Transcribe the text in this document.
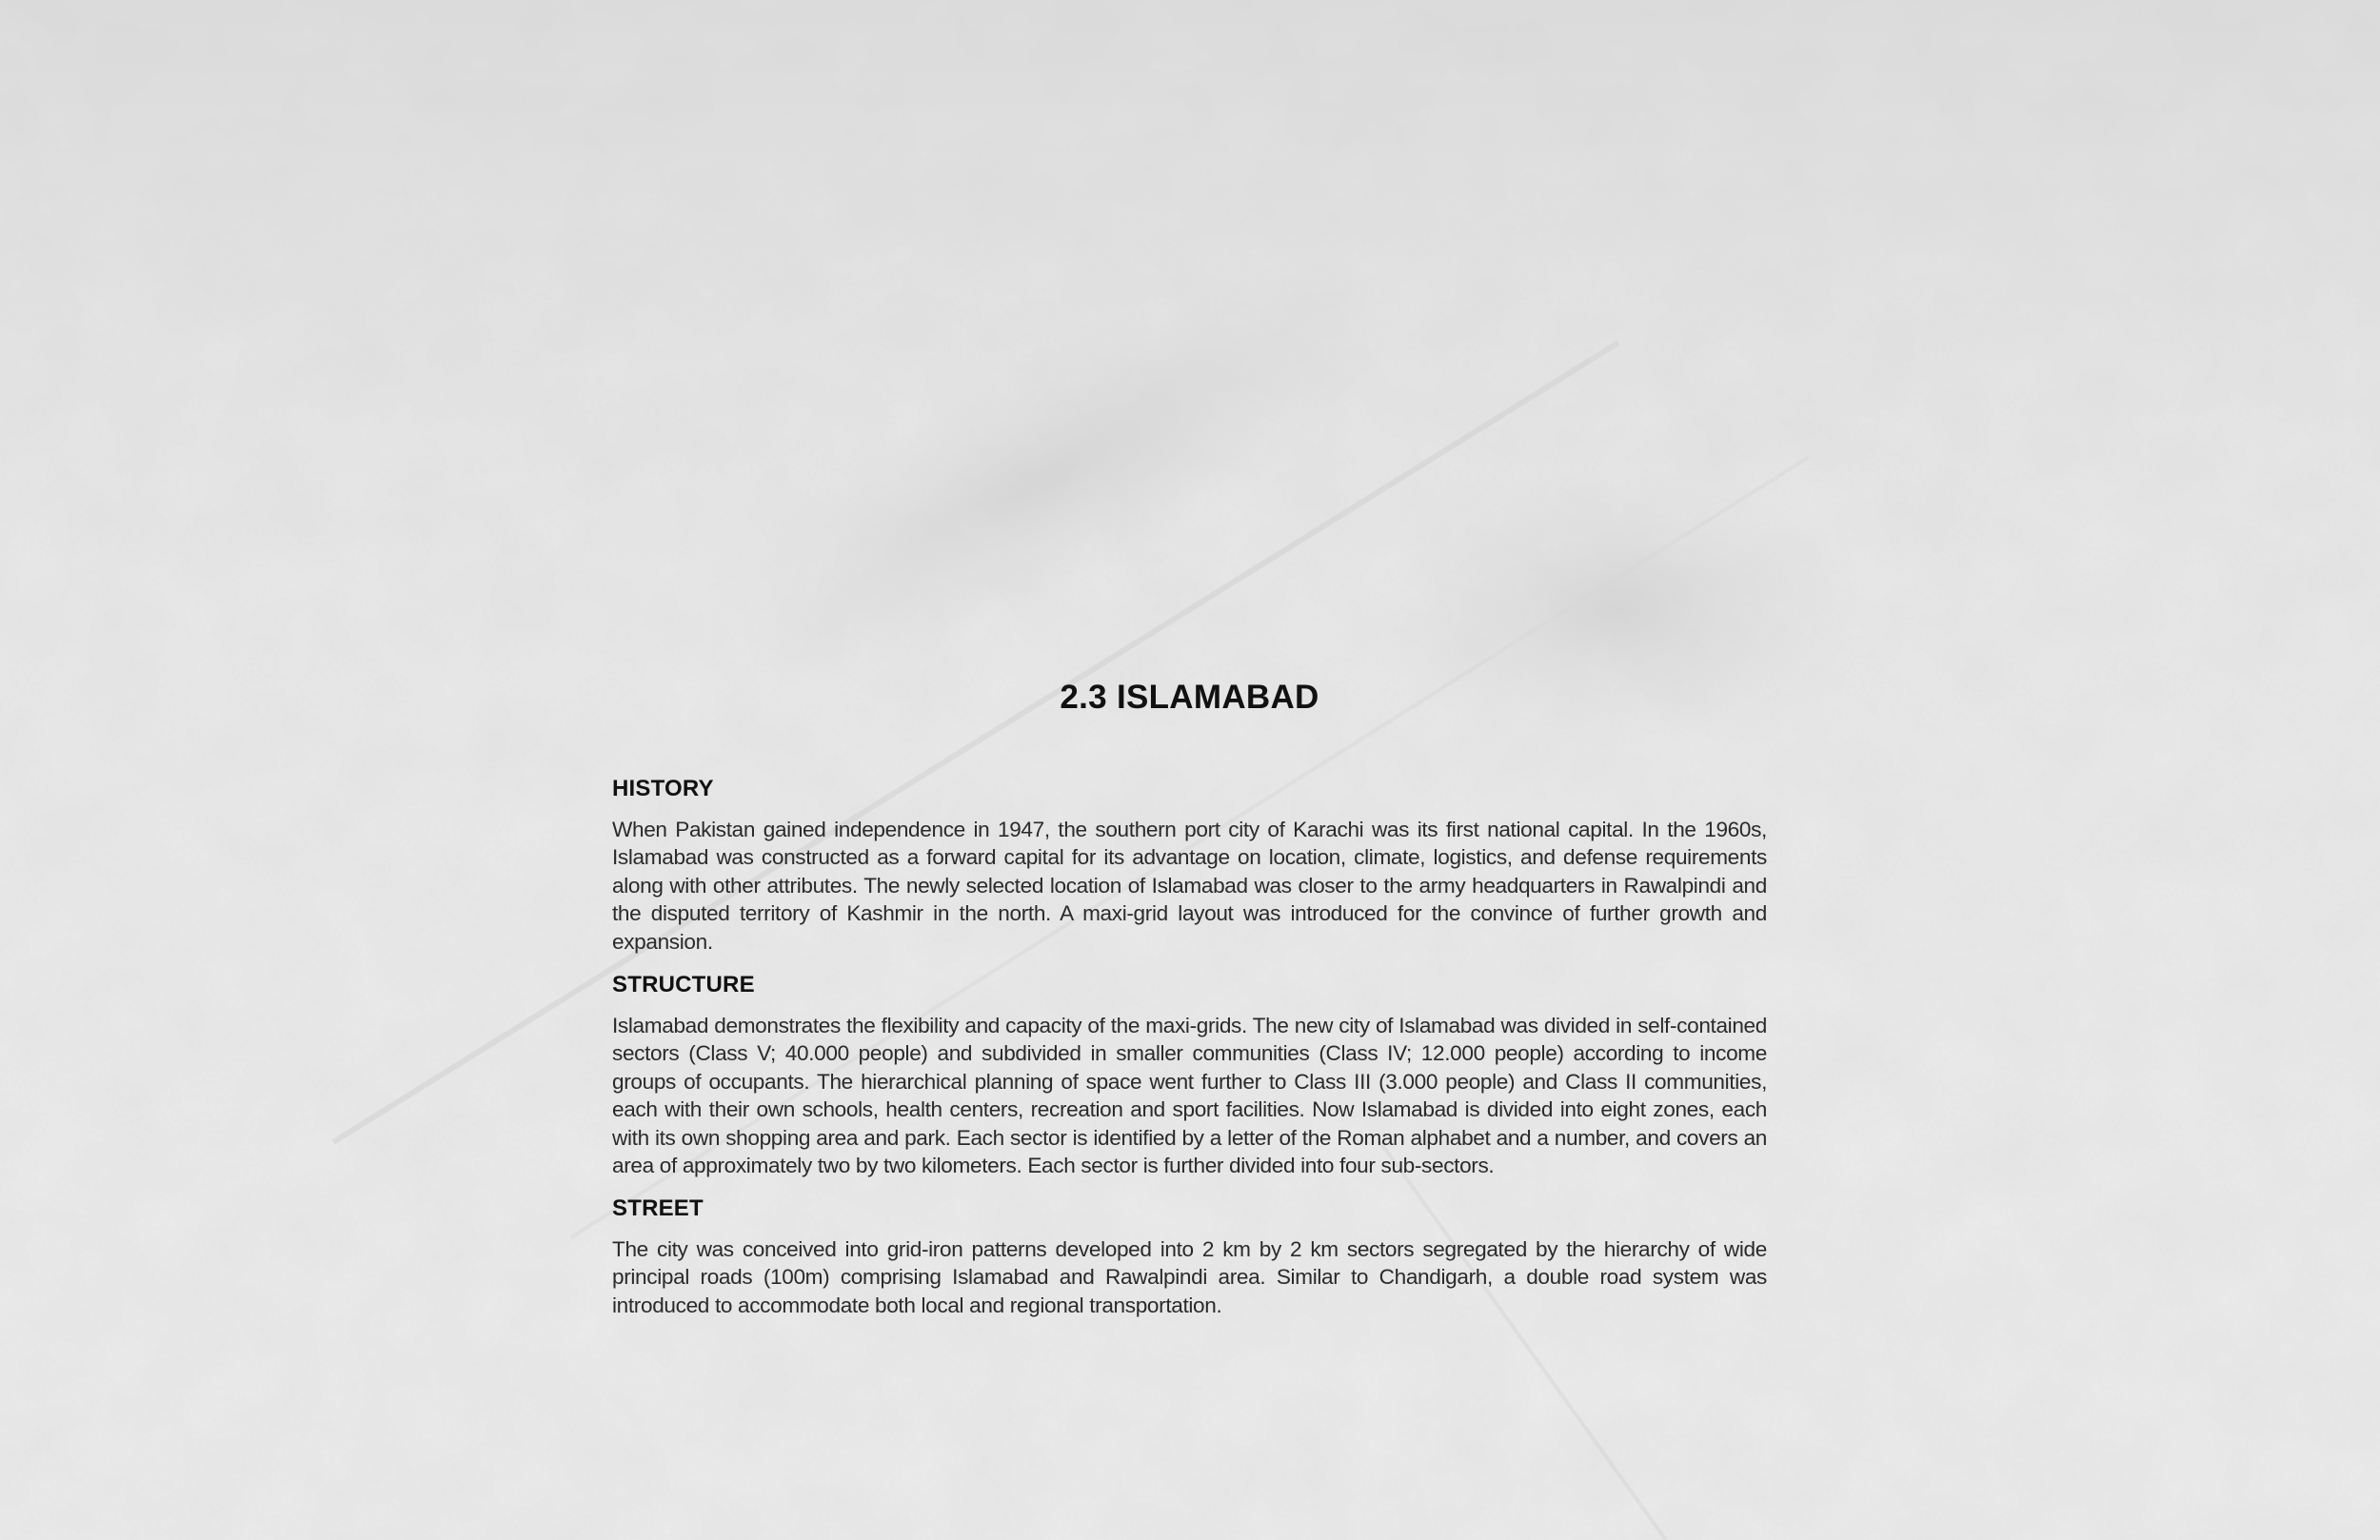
2.3 ISLAMABAD
HISTORY

When Pakistan gained independence in 1947, the southern port city of Karachi was its first national capital. In the 1960s, Islamabad was constructed as a forward capital for its advantage on location, climate, logistics, and defense requirements along with other attributes. The newly selected location of Islamabad was closer to the army headquarters in Rawalpindi and the disputed territory of Kashmir in the north. A maxi-grid layout was introduced for the convince of further growth and expansion.

STRUCTURE

Islamabad demonstrates the flexibility and capacity of the maxi-grids. The new city of Islamabad was divided in self-contained sectors (Class V; 40.000 people) and subdivided in smaller communities (Class IV; 12.000 people) according to income groups of occupants. The hierarchical planning of space went further to Class III (3.000 people) and Class II communities, each with their own schools, health centers, recreation and sport facilities. Now Islamabad is divided into eight zones, each with its own shopping area and park. Each sector is identified by a letter of the Roman alphabet and a number, and covers an area of approximately two by two kilometers. Each sector is further divided into four sub-sectors.

STREET

The city was conceived into grid-iron patterns developed into 2 km by 2 km sectors segregated by the hierarchy of wide principal roads (100m) comprising Islamabad and Rawalpindi area. Similar to Chandigarh, a double road system was introduced to accommodate both local and regional transportation.
